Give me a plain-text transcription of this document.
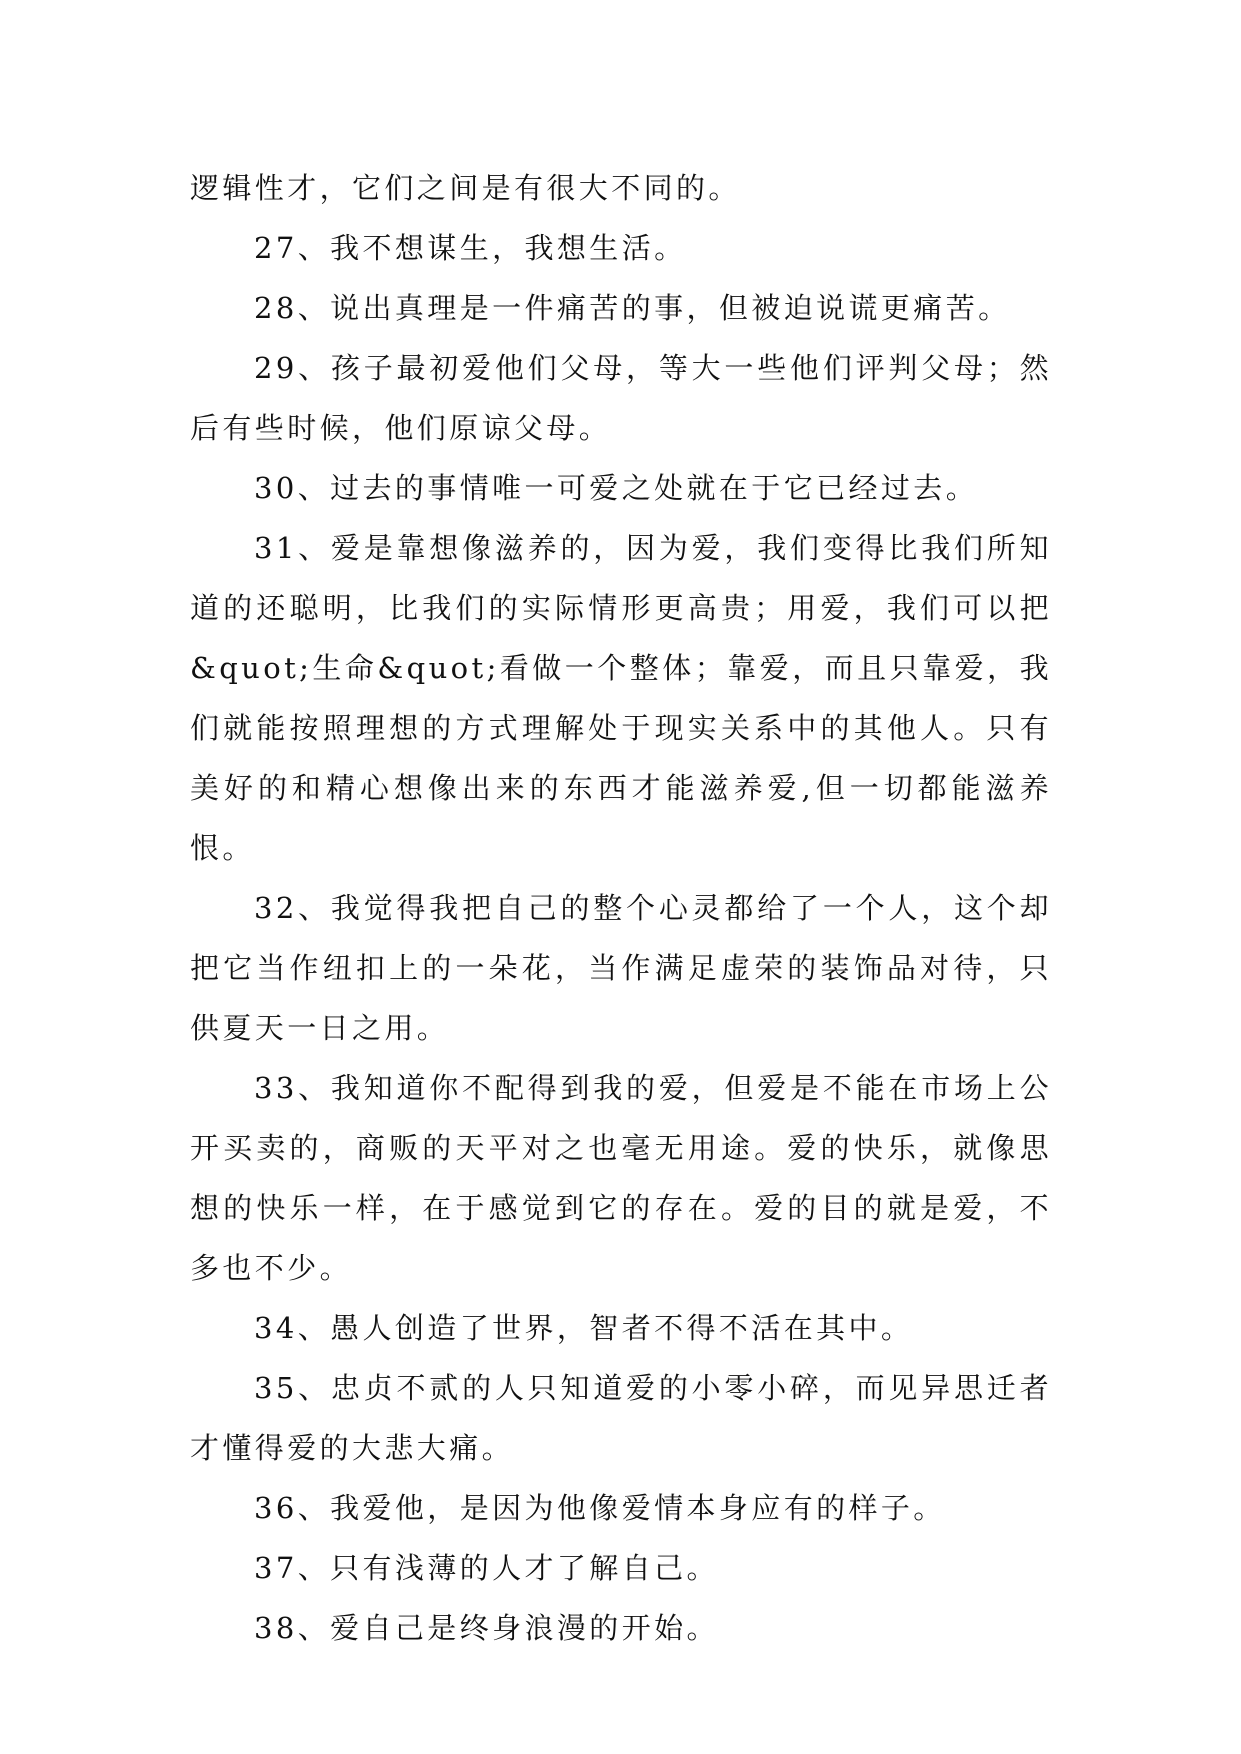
逻辑性才，它们之间是有很大不同的。

27、我不想谋生，我想生活。

28、说出真理是一件痛苦的事，但被迫说谎更痛苦。

29、孩子最初爱他们父母，等大一些他们评判父母；然后有些时候，他们原谅父母。

30、过去的事情唯一可爱之处就在于它已经过去。

31、爱是靠想像滋养的，因为爱，我们变得比我们所知道的还聪明，比我们的实际情形更高贵；用爱，我们可以把&quot;生命&quot;看做一个整体；靠爱，而且只靠爱，我们就能按照理想的方式理解处于现实关系中的其他人。只有美好的和精心想像出来的东西才能滋养爱,但一切都能滋养恨。

32、我觉得我把自己的整个心灵都给了一个人，这个却把它当作纽扣上的一朵花，当作满足虚荣的装饰品对待，只供夏天一日之用。

33、我知道你不配得到我的爱，但爱是不能在市场上公开买卖的，商贩的天平对之也毫无用途。爱的快乐，就像思想的快乐一样，在于感觉到它的存在。爱的目的就是爱，不多也不少。

34、愚人创造了世界，智者不得不活在其中。

35、忠贞不贰的人只知道爱的小零小碎，而见异思迁者才懂得爱的大悲大痛。

36、我爱他，是因为他像爱情本身应有的样子。

37、只有浅薄的人才了解自己。

38、爱自己是终身浪漫的开始。
